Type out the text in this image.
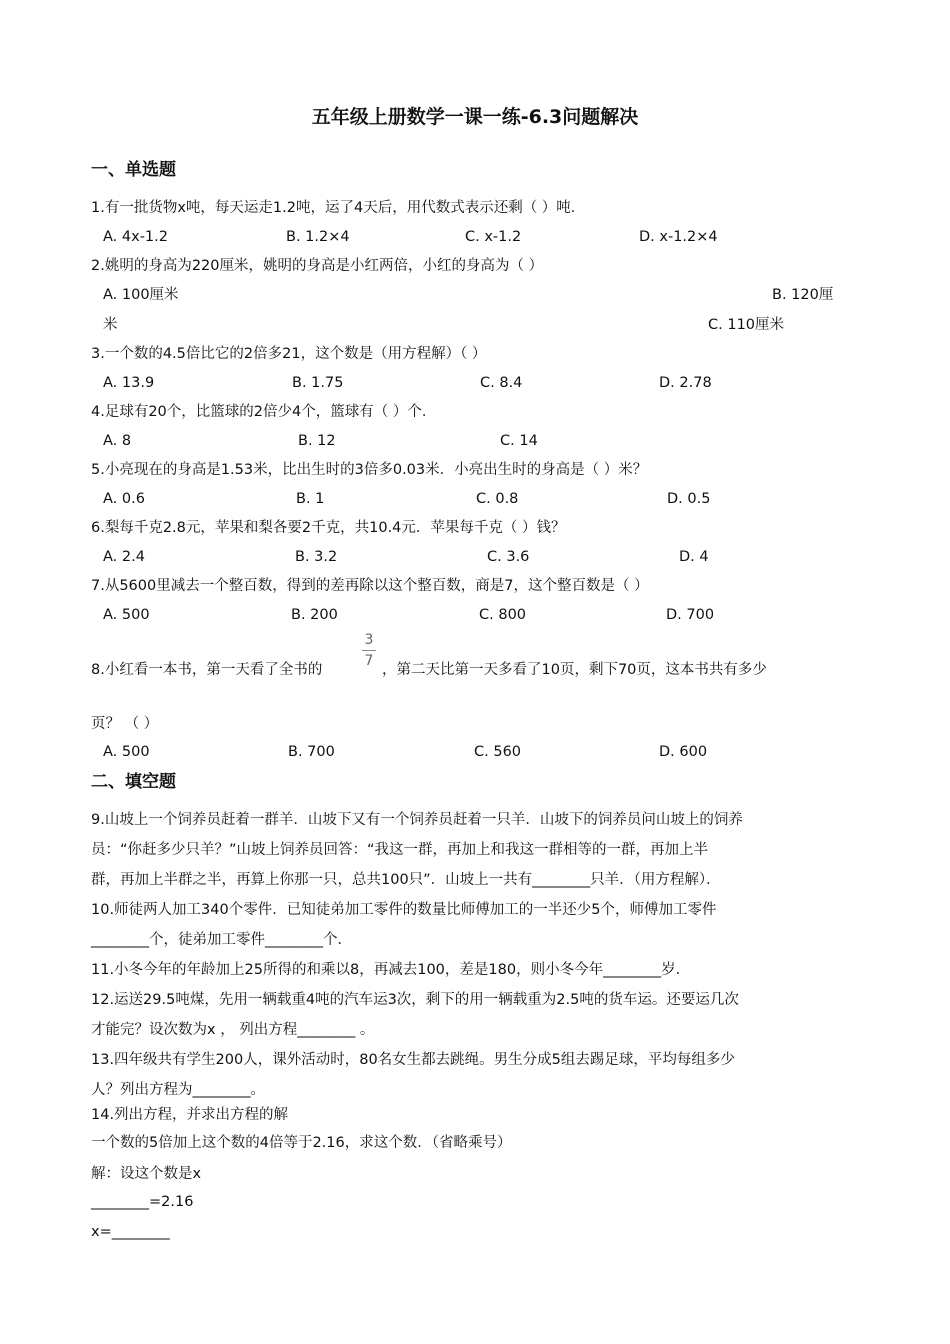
五年级上册数学一课一练-6.3问题解决
一、单选题
1.有一批货物x吨，每天运走1.2吨，运了4天后，用代数式表示还剩（ ）吨．
A. 4x-1.2	B. 1.2×4	C. x-1.2	D. x-1.2×4
2.姚明的身高为220厘米，姚明的身高是小红两倍，小红的身高为（ ）
A. 100厘米	B. 120厘
米	C. 110厘米
3.一个数的4.5倍比它的2倍多21，这个数是（用方程解）（ ）
A. 13.9	B. 1.75	C. 8.4	D. 2.78
4.足球有20个，比篮球的2倍少4个，篮球有（ ）个．
A. 8	B. 12	C. 14
5.小亮现在的身高是1.53米，比出生时的3倍多0.03米．小亮出生时的身高是（ ）米？
A. 0.6	B. 1	C. 0.8	D. 0.5
6.梨每千克2.8元，苹果和梨各要2千克，共10.4元．苹果每千克（ ）钱？
A. 2.4	B. 3.2	C. 3.6	D. 4
7.从5600里减去一个整百数，得到的差再除以这个整百数，商是7，这个整百数是（ ）
A. 500	B. 200	C. 800	D. 700
8.小红看一本书，第一天看了全书的
3
7
，第二天比第一天多看了10页，剩下70页，这本书共有多少
页？ （ ）
A. 500	B. 700	C. 560	D. 600
二、填空题
9.山坡上一个饲养员赶着一群羊．山坡下又有一个饲养员赶着一只羊．山坡下的饲养员问山坡上的饲养
员：“你赶多少只羊？”山坡上饲养员回答：“我这一群，再加上和我这一群相等的一群，再加上半
群，再加上半群之半，再算上你那一只，总共100只”．山坡上一共有________只羊．（用方程解）．
10.师徒两人加工340个零件．已知徒弟加工零件的数量比师傅加工的一半还少5个，师傅加工零件
________个，徒弟加工零件________个．
11.小冬今年的年龄加上25所得的和乘以8，再减去100，差是180，则小冬今年________岁．
12.运送29.5吨煤，先用一辆载重4吨的汽车运3次，剩下的用一辆载重为2.5吨的货车运。还要运几次
才能完？设次数为x ， 列出方程________ 。
13.四年级共有学生200人，课外活动时，80名女生都去跳绳。男生分成5组去踢足球，平均每组多少
人？列出方程为________。
14.列出方程，并求出方程的解
一个数的5倍加上这个数的4倍等于2.16，求这个数．（省略乘号）
解：设这个数是x
________=2.16
x=________
